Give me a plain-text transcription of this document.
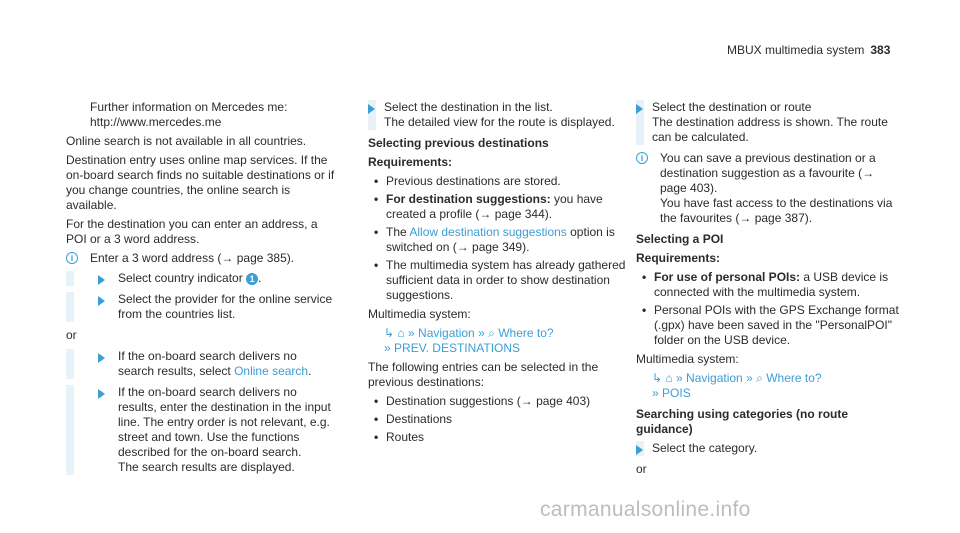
MBUX multimedia system 383

Further information on Mercedes me:
http://www.mercedes.me

Online search is not available in all countries.

Destination entry uses online map services. If the on-board search finds no suitable destinations or if you change countries, the online search is available.

For the destination you can enter an address, a POI or a 3 word address.

i	Enter a 3 word address (→ page 385).
Select country indicator 1 .
Select the provider for the online service from the countries list.

or

If the on-board search delivers no search results, select Online search.
If the on-board search delivers no results, enter the destination in the input line. The entry order is not relevant, e.g. street and town. Use the functions described for the on-board search.
The search results are displayed.
Select the destination in the list.
The detailed view for the route is displayed.

Selecting previous destinations

Requirements:

• Previous destinations are stored.
• For destination suggestions: you have created a profile (→ page 344).
• The Allow destination suggestions option is switched on (→ page 349).
• The multimedia system has already gathered sufficient data in order to show destination suggestions.

Multimedia system:

↳ ⌂ » Navigation » ⌕ Where to?
» PREV. DESTINATIONS

The following entries can be selected in the previous destinations:

• Destination suggestions (→ page 403)
• Destinations
• Routes
Select the destination or route
The destination address is shown. The route can be calculated.
i	You can save a previous destination or a destination suggestion as a favourite (→ page 403).
You have fast access to the destinations via the favourites (→ page 387).

Selecting a POI

Requirements:

• For use of personal POIs: a USB device is connected with the multimedia system.
• Personal POIs with the GPS Exchange format (.gpx) have been saved in the "PersonalPOI" folder on the USB device.

Multimedia system:

↳ ⌂ » Navigation » ⌕ Where to?
» POIS

Searching using categories (no route guidance)

Select the category.

or

carmanualsonline.info
